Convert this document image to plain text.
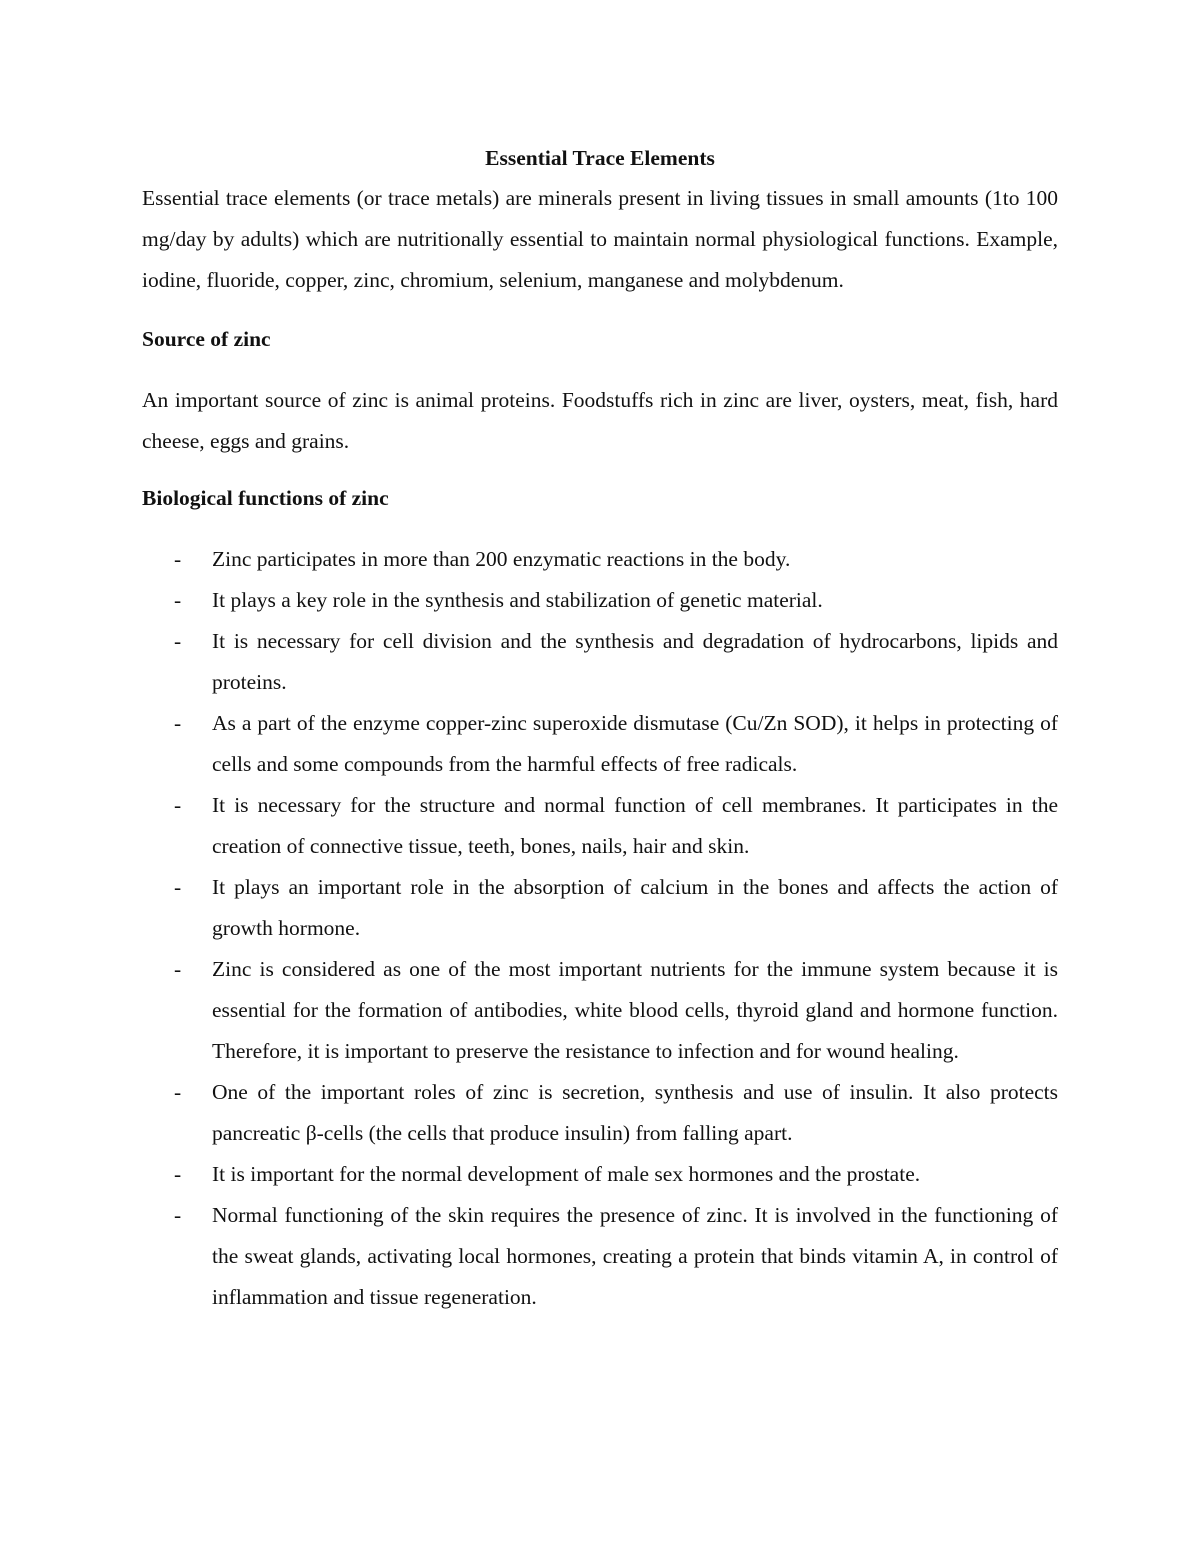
Essential Trace Elements

Essential trace elements (or trace metals) are minerals present in living tissues in small amounts (1to 100 mg/day by adults) which are nutritionally essential to maintain normal physiological functions. Example, iodine, fluoride, copper, zinc, chromium, selenium, manganese and molybdenum.

Source of zinc

An important source of zinc is animal proteins. Foodstuffs rich in zinc are liver, oysters, meat, fish, hard cheese, eggs and grains.

Biological functions of zinc

- Zinc participates in more than 200 enzymatic reactions in the body.
- It plays a key role in the synthesis and stabilization of genetic material.
- It is necessary for cell division and the synthesis and degradation of hydrocarbons, lipids and proteins.
- As a part of the enzyme copper-zinc superoxide dismutase (Cu/Zn SOD), it helps in protecting of cells and some compounds from the harmful effects of free radicals.
- It is necessary for the structure and normal function of cell membranes. It participates in the creation of connective tissue, teeth, bones, nails, hair and skin.
- It plays an important role in the absorption of calcium in the bones and affects the action of growth hormone.
- Zinc is considered as one of the most important nutrients for the immune system because it is essential for the formation of antibodies, white blood cells, thyroid gland and hormone function. Therefore, it is important to preserve the resistance to infection and for wound healing.
- One of the important roles of zinc is secretion, synthesis and use of insulin. It also protects pancreatic β-cells (the cells that produce insulin) from falling apart.
- It is important for the normal development of male sex hormones and the prostate.
- Normal functioning of the skin requires the presence of zinc. It is involved in the functioning of the sweat glands, activating local hormones, creating a protein that binds vitamin A, in control of inflammation and tissue regeneration.
